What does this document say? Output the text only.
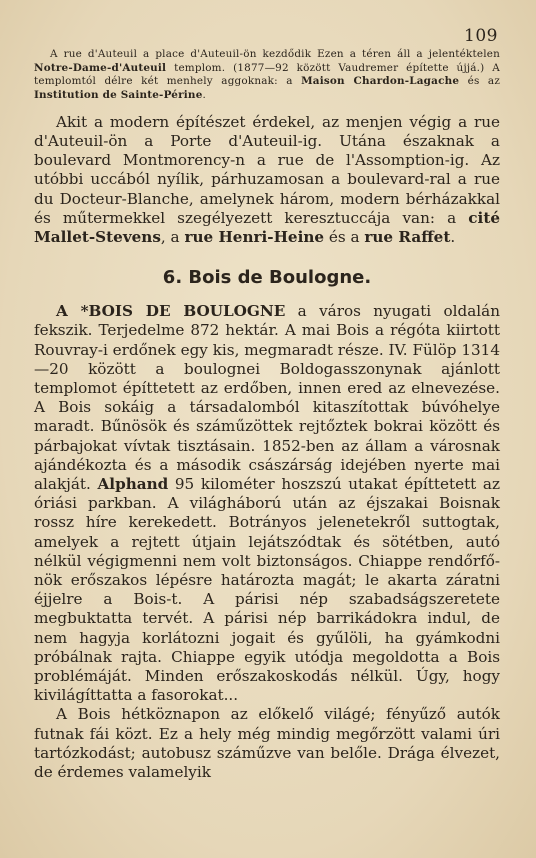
109

A rue d'Auteuil a place d'Auteuil-ön kezdődik Ezen a téren áll a jelentéktelen Notre-Dame-d'Auteuil templom. (1877—92 között Vaudremer építette újjá.) A templomtól délre két menhely aggoknak: a Maison Chardon-Lagache és az Institution de Sainte-Périne.

Akit a modern építészet érdekel, az menjen végig a rue d'Auteuil-ön a Porte d'Auteuil-ig. Utána északnak a boulevard Montmorency-n a rue de l'Assomption-ig. Az utóbbi uccából nyílik, párhuzamosan a boulevard-ral a rue du Docteur-Blanche, amelynek három, modern bérházakkal és műtermekkel szegélyezett keresztuccája van: a cité Mallet-Stevens, a rue Henri-Heine és a rue Raffet.

6. Bois de Boulogne.

A *BOIS DE BOULOGNE a város nyugati oldalán fekszik. Terjedelme 872 hektár. A mai Bois a régóta kiirtott Rouvray-i erdőnek egy kis, megmaradt része. IV. Fülöp 1314—20 között a boulognei Boldogasszonynak ajánlott templomot építtetett az erdőben, innen ered az elnevezése. A Bois sokáig a társadalomból kitaszítottak búvóhelye maradt. Bűnösök és száműzöttek rejtőztek bokrai között és párbajokat vívtak tisztásain. 1852-ben az állam a városnak ajándékozta és a második császárság idejében nyerte mai alakját. Alphand 95 kilométer hoszszú utakat építtetett az óriási parkban. A világháború után az éjszakai Boisnak rossz híre kerekedett. Botrányos jelenetekről suttogtak, amelyek a rejtett útjain lejátszódtak és sötétben, autó nélkül végigmenni nem volt biztonságos. Chiappe rendőrfőnök erőszakos lépésre határozta magát; le akarta záratni éjjelre a Bois-t. A párisi nép szabadságszeretete megbuktatta tervét. A párisi nép barrikádokra indul, de nem hagyja korlátozni jogait és gyűlöli, ha gyámkodni próbálnak rajta. Chiappe egyik utódja megoldotta a Bois problémáját. Minden erőszakoskodás nélkül. Úgy, hogy kivilágíttatta a fasorokat...

A Bois hétköznapon az előkelő világé; fényűző autók futnak fái közt. Ez a hely még mindig megőrzött valami úri tartózkodást; autobusz száműzve van belőle. Drága élvezet, de érdemes valamelyik
